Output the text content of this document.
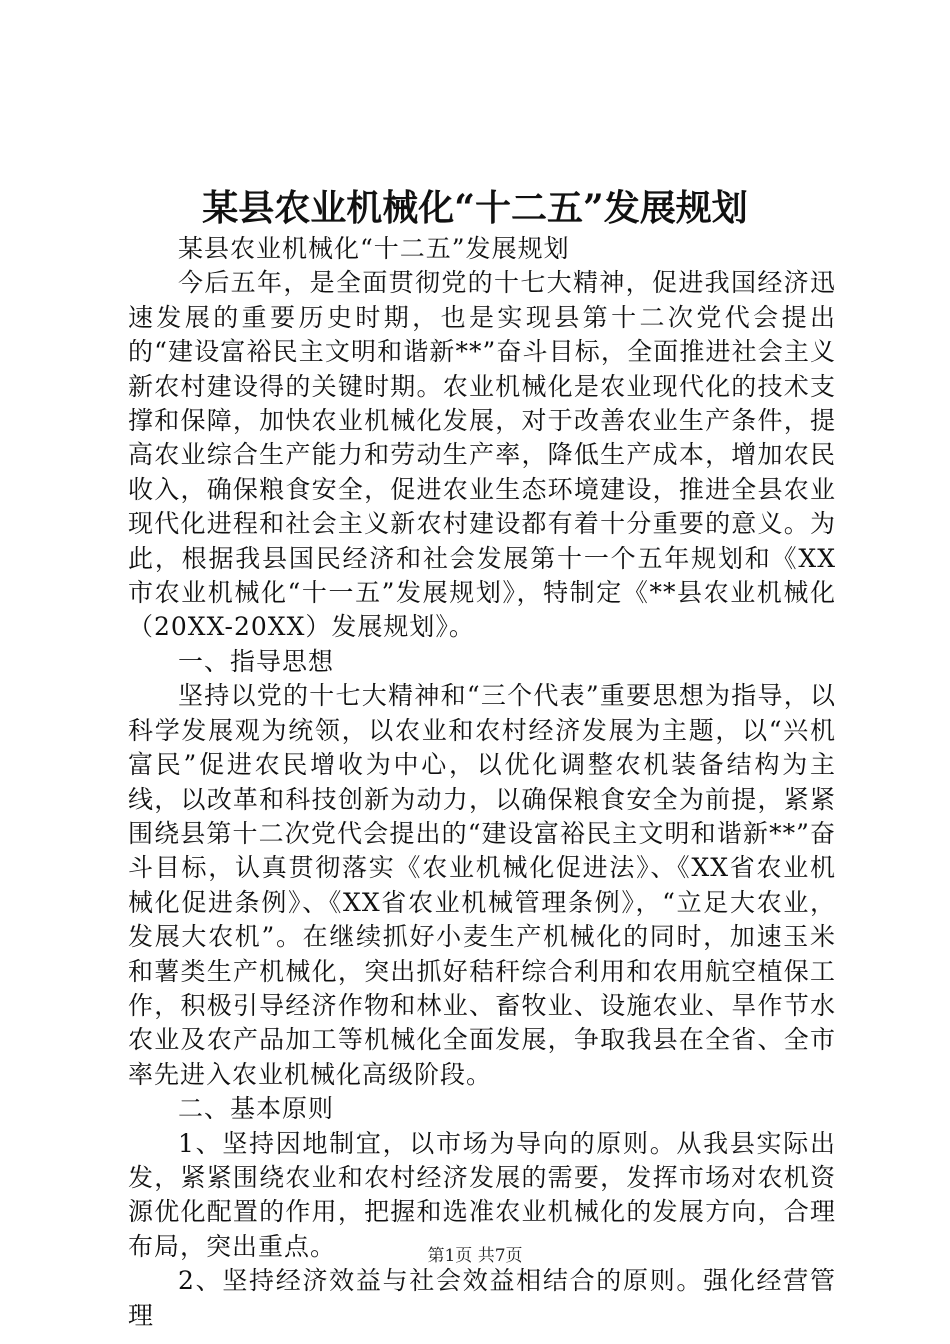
某县农业机械化“十二五”发展规划

某县农业机械化“十二五”发展规划

今后五年，是全面贯彻党的十七大精神，促进我国经济迅速发展的重要历史时期，也是实现县第十二次党代会提出的“建设富裕民主文明和谐新**”奋斗目标，全面推进社会主义新农村建设得的关键时期。农业机械化是农业现代化的技术支撑和保障，加快农业机械化发展，对于改善农业生产条件，提高农业综合生产能力和劳动生产率，降低生产成本，增加农民收入，确保粮食安全，促进农业生态环境建设，推进全县农业现代化进程和社会主义新农村建设都有着十分重要的意义。为此，根据我县国民经济和社会发展第十一个五年规划和《XX市农业机械化“十一五”发展规划》，特制定《**县农业机械化（20XX-20XX）发展规划》。

一、指导思想

坚持以党的十七大精神和“三个代表”重要思想为指导，以科学发展观为统领，以农业和农村经济发展为主题，以“兴机富民”促进农民增收为中心，以优化调整农机装备结构为主线，以改革和科技创新为动力，以确保粮食安全为前提，紧紧围绕县第十二次党代会提出的“建设富裕民主文明和谐新**”奋斗目标，认真贯彻落实《农业机械化促进法》、《XX省农业机械化促进条例》、《XX省农业机械管理条例》，“立足大农业，发展大农机”。在继续抓好小麦生产机械化的同时，加速玉米和薯类生产机械化，突出抓好秸秆综合利用和农用航空植保工作，积极引导经济作物和林业、畜牧业、设施农业、旱作节水农业及农产品加工等机械化全面发展，争取我县在全省、全市率先进入农业机械化高级阶段。

二、基本原则

1、坚持因地制宜，以市场为导向的原则。从我县实际出发，紧紧围绕农业和农村经济发展的需要，发挥市场对农机资源优化配置的作用，把握和选准农业机械化的发展方向，合理布局，突出重点。

2、坚持经济效益与社会效益相结合的原则。强化经营管理

第1页 共7页
